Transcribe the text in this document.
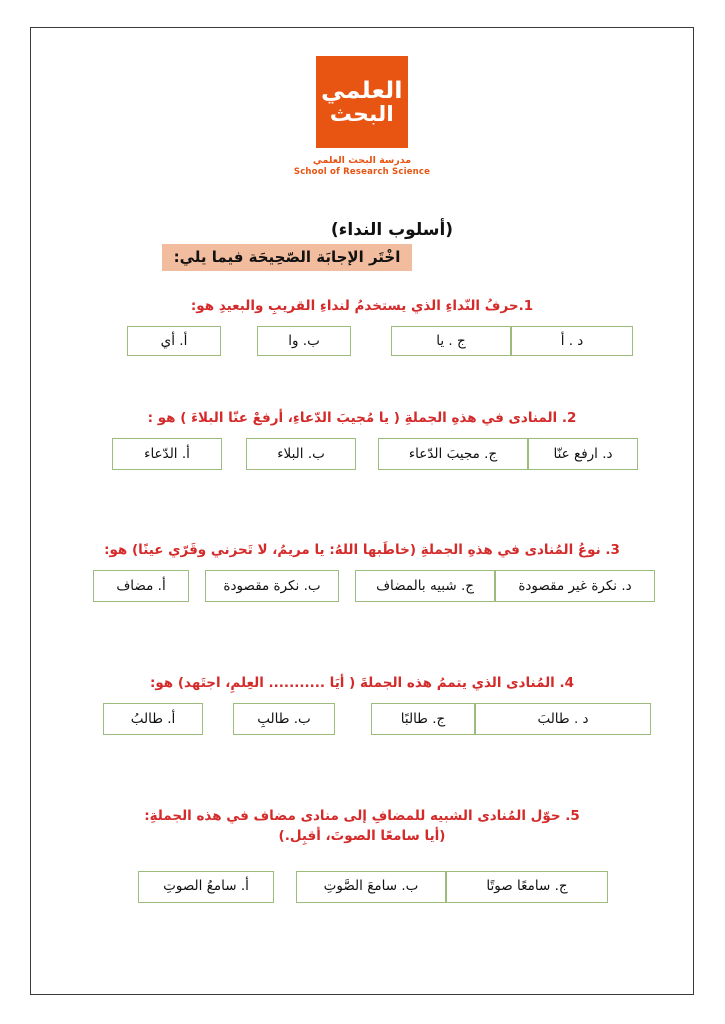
العلمي
البحث
مدرسة البحث العلمي
School of Research Science
(أسلوب النداء)
اخْتَر الإجابَة الصّحِيحَة فيما يلي:
1.حرفُ النّداءِ الذي يستخدمُ لنداءِ القريبِ والبعيدِ هو:
د . أ
ج . يا
ب. وا
أ. أي
2. المنادى في هذهِ الجملةِ ( يا مُجيبَ الدّعاءِ، أرفعْ عنّا البلاءَ ) هو :
د. ارفع عنّا
ج. مجيبَ الدّعاء
ب. البلاء
أ. الدّعاء
3. نوعُ المُنادى في هذهِ الجملةِ (خاطَبها اللهُ: يا مريمُ، لا تَحزني وقَرّي عينًا) هو:
د. نكرة غير مقصودة
ج. شبيه بالمضاف
ب. نكرة مقصودة
أ. مضاف
4. المُنادى الذي يتممُ هذه الجملةَ ( أيَا ........... العِلمِ، اجتَهد) هو:
د . طالبَ
ج. طالبًا
ب. طالبِ
أ. طالبُ
5. حوّل المُنادى الشبيه للمضافِ إلى منادى مضاف في هذه الجملةِ:
(أيا سامعًا الصوتَ، أقبِل.)
ج. سامعًا صوتًا
ب. سامعَ الصَّوتِ
أ. سامعُ الصوتِ
